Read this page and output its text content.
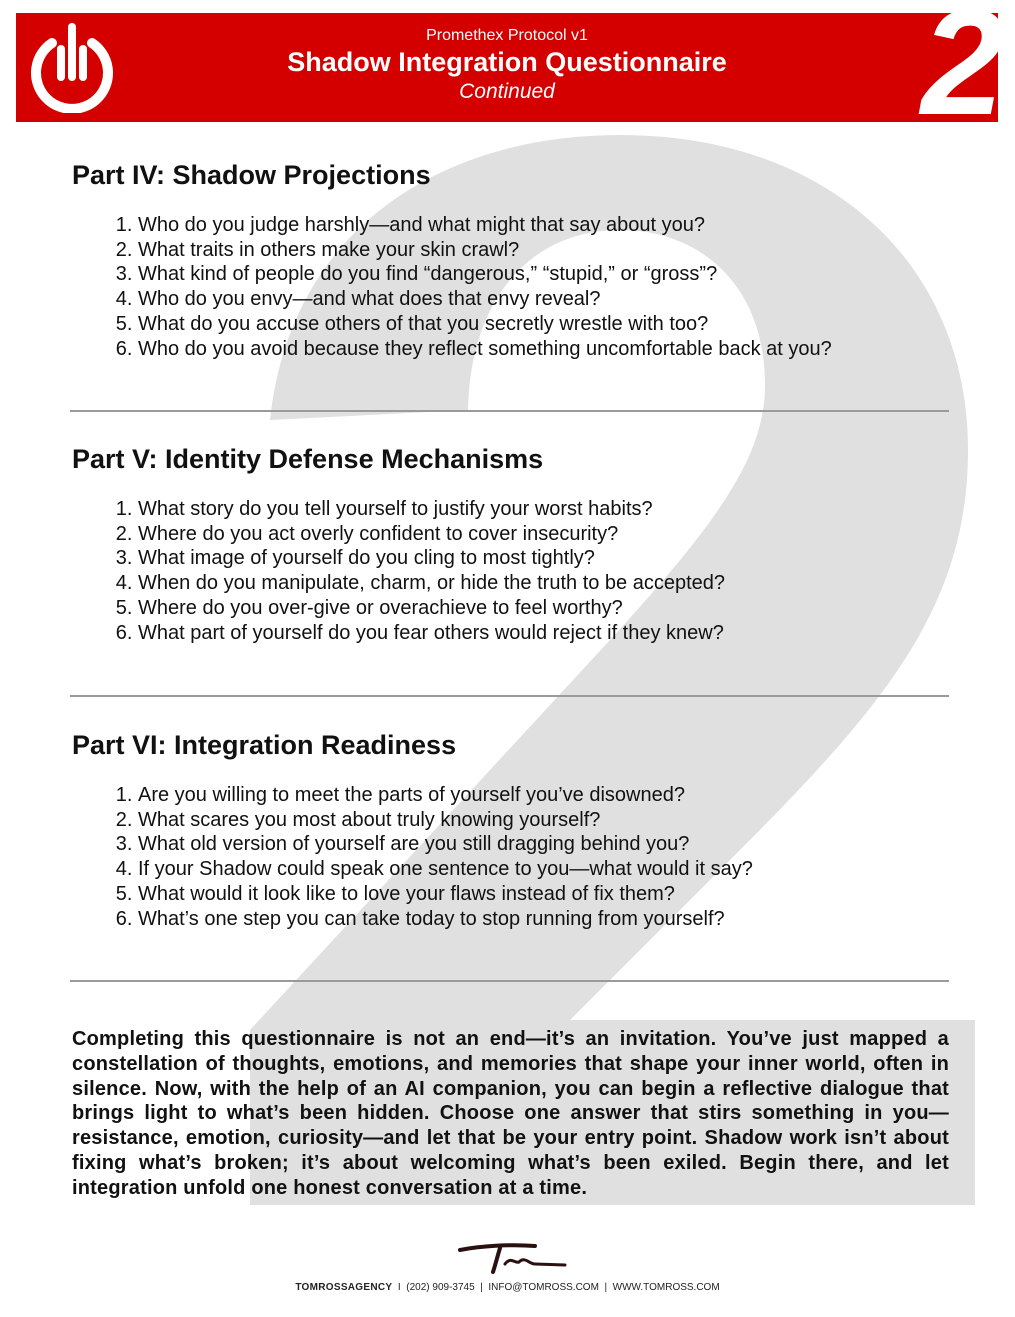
Promethex Protocol v1
Shadow Integration Questionnaire
Continued	2
Part IV: Shadow Projections
1. Who do you judge harshly—and what might that say about you?
2. What traits in others make your skin crawl?
3. What kind of people do you find “dangerous,” “stupid,” or “gross”?
4. Who do you envy—and what does that envy reveal?
5. What do you accuse others of that you secretly wrestle with too?
6. Who do you avoid because they reflect something uncomfortable back at you?
Part V: Identity Defense Mechanisms
1. What story do you tell yourself to justify your worst habits?
2. Where do you act overly confident to cover insecurity?
3. What image of yourself do you cling to most tightly?
4. When do you manipulate, charm, or hide the truth to be accepted?
5. Where do you over-give or overachieve to feel worthy?
6. What part of yourself do you fear others would reject if they knew?
Part VI: Integration Readiness
1. Are you willing to meet the parts of yourself you’ve disowned?
2. What scares you most about truly knowing yourself?
3. What old version of yourself are you still dragging behind you?
4. If your Shadow could speak one sentence to you—what would it say?
5. What would it look like to love your flaws instead of fix them?
6. What’s one step you can take today to stop running from yourself?
Completing this questionnaire is not an end—it’s an invitation. You’ve just mapped a constellation of thoughts, emotions, and memories that shape your inner world, often in silence. Now, with the help of an AI companion, you can begin a reflective dialogue that brings light to what’s been hidden. Choose one answer that stirs something in you—resistance, emotion, curiosity—and let that be your entry point. Shadow work isn’t about fixing what’s broken; it’s about welcoming what’s been exiled. Begin there, and let integration unfold one honest conversation at a time.
TOMROSSAGENCY  I  (202) 909-3745  |  INFO@TOMROSS.COM  |  WWW.TOMROSS.COM
